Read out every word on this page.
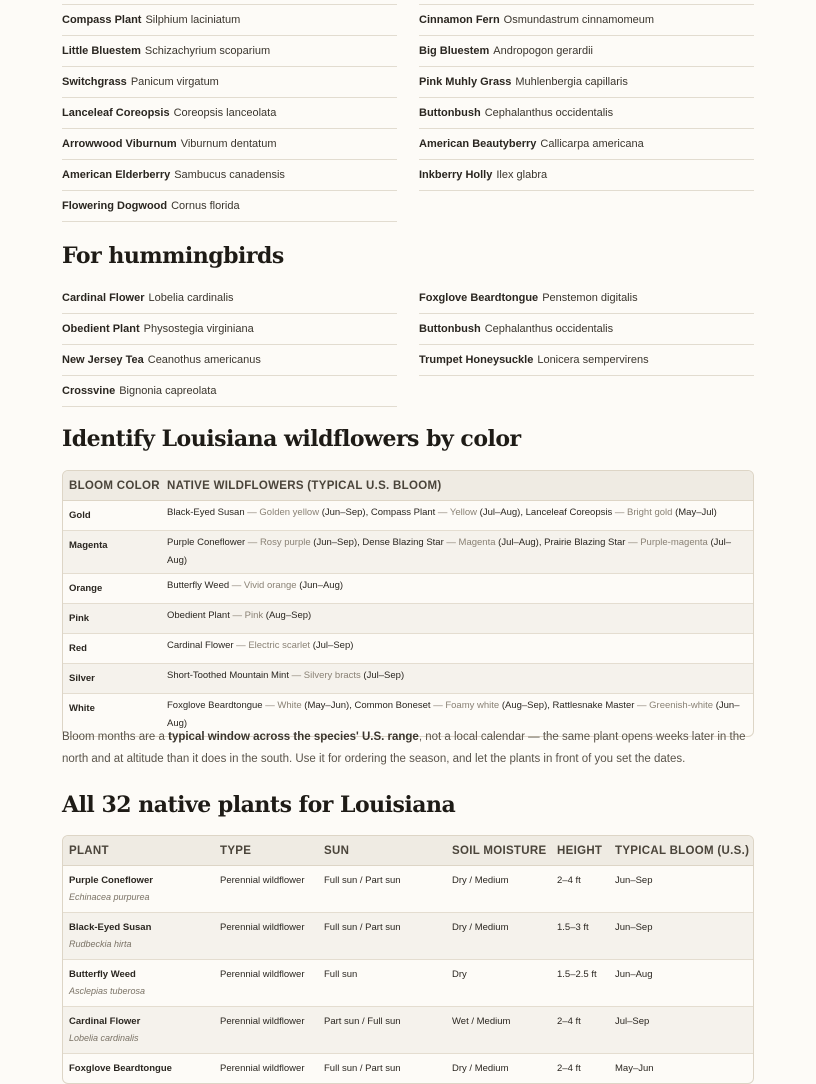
Compass Plant Silphium laciniatum
Little Bluestem Schizachyrium scoparium
Switchgrass Panicum virgatum
Lanceleaf Coreopsis Coreopsis lanceolata
Arrowwood Viburnum Viburnum dentatum
American Elderberry Sambucus canadensis
Flowering Dogwood Cornus florida
Cinnamon Fern Osmundastrum cinnamomeum
Big Bluestem Andropogon gerardii
Pink Muhly Grass Muhlenbergia capillaris
Buttonbush Cephalanthus occidentalis
American Beautyberry Callicarpa americana
Inkberry Holly Ilex glabra
For hummingbirds
Cardinal Flower Lobelia cardinalis
Obedient Plant Physostegia virginiana
New Jersey Tea Ceanothus americanus
Crossvine Bignonia capreolata
Foxglove Beardtongue Penstemon digitalis
Buttonbush Cephalanthus occidentalis
Trumpet Honeysuckle Lonicera sempervirens
Identify Louisiana wildflowers by color
BLOOM COLOR	NATIVE WILDFLOWERS (TYPICAL U.S. BLOOM)
Gold	Black-Eyed Susan — Golden yellow (Jun–Sep), Compass Plant — Yellow (Jul–Aug), Lanceleaf Coreopsis — Bright gold (May–Jul)
Magenta	Purple Coneflower — Rosy purple (Jun–Sep), Dense Blazing Star — Magenta (Jul–Aug), Prairie Blazing Star — Purple-magenta (Jul–Aug)
Orange	Butterfly Weed — Vivid orange (Jun–Aug)
Pink	Obedient Plant — Pink (Aug–Sep)
Red	Cardinal Flower — Electric scarlet (Jul–Sep)
Silver	Short-Toothed Mountain Mint — Silvery bracts (Jul–Sep)
White	Foxglove Beardtongue — White (May–Jun), Common Boneset — Foamy white (Aug–Sep), Rattlesnake Master — Greenish-white (Jun–Aug)

Bloom months are a typical window across the species' U.S. range, not a local calendar — the same plant opens weeks later in the north and at altitude than it does in the south. Use it for ordering the season, and let the plants in front of you set the dates.

All 32 native plants for Louisiana
PLANT	TYPE	SUN	SOIL MOISTURE	HEIGHT	TYPICAL BLOOM (U.S.)

Purple Coneflower
Echinacea purpurea	Perennial wildflower	Full sun / Part sun	Dry / Medium	2–4 ft	Jun–Sep

Black-Eyed Susan
Rudbeckia hirta	Perennial wildflower	Full sun / Part sun	Dry / Medium	1.5–3 ft	Jun–Sep

Butterfly Weed
Asclepias tuberosa	Perennial wildflower	Full sun	Dry	1.5–2.5 ft	Jun–Aug

Cardinal Flower
Lobelia cardinalis	Perennial wildflower	Part sun / Full sun	Wet / Medium	2–4 ft	Jul–Sep

Foxglove Beardtongue	Perennial wildflower	Full sun / Part sun	Dry / Medium	2–4 ft	May–Jun
